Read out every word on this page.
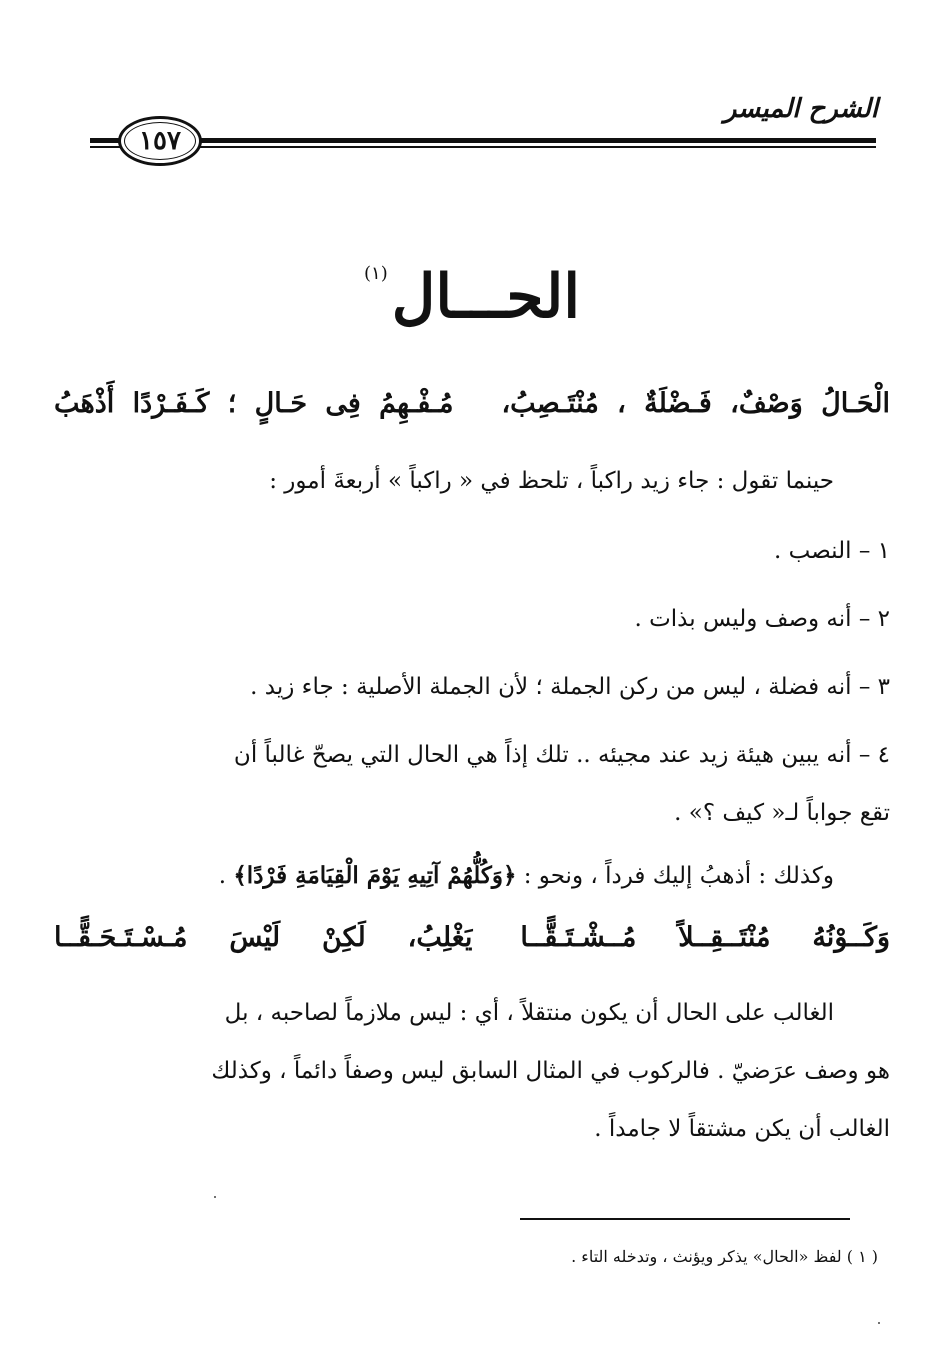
الشرح الميسر
١٥٧
الحـــال$^{(١)}$
الْحَـالُ وَصْفٌ، فَـضْلَةٌ ، مُنْتَـصِبُ،مُـفْـهِمُ فِى حَـالٍ ؛ كَـفَـرْدًا أَذْهَبُ
حينما تقول : جاء زيد راكباً ، تلحظ في « راكباً » أربعةَ أمور :
١ – النصب .
٢ – أنه وصف وليس بذات .
٣ – أنه فضلة ، ليس من ركن الجملة ؛ لأن الجملة الأصلية : جاء زيد .
٤ – أنه يبين هيئة زيد عند مجيئه .. تلك إذاً هي الحال التي يصحّ غالباً أن
تقع جواباً لـ« كيف ؟» .
وكذلك : أذهبُ إليك فرداً ، ونحو : ﴿وَكُلُّهُمْ آتِيهِ يَوْمَ الْقِيَامَةِ فَرْدًا﴾ .
وَكَــوْنُهُ مُنْتَــقِــلاً مُــشْـتَـقًّــايَغْلِبُ، لَكِنْ لَيْسَ مُـسْـتَـحَـقًّــا
الغالب على الحال أن يكون منتقلاً ، أي : ليس ملازماً لصاحبه ، بل
هو وصف عرَضيّ . فالركوب في المثال السابق ليس وصفاً دائماً ، وكذلك
الغالب أن يكن مشتقاً لا جامداً .
( ١ ) لفظ «الحال» يذكر ويؤنث ، وتدخله التاء .
